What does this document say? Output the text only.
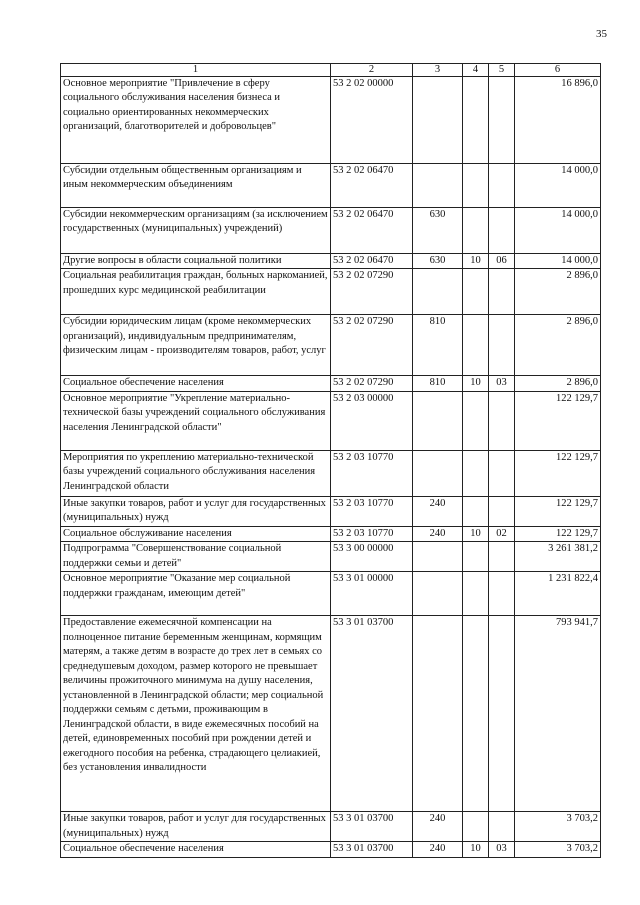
35
1	2	3	4	5	6
Основное мероприятие "Привлечение в сферу социального обслуживания населения бизнеса и социально ориентированных некоммерческих организаций, благотворителей и добровольцев"	53 2 02 00000				16 896,0
Субсидии отдельным общественным организациям и иным некоммерческим объединениям	53 2 02 06470				14 000,0
Субсидии некоммерческим организациям (за исключением государственных (муниципальных) учреждений)	53 2 02 06470	630			14 000,0
Другие вопросы в области социальной политики	53 2 02 06470	630	10	06	14 000,0
Социальная реабилитация граждан, больных наркоманией, прошедших курс медицинской реабилитации	53 2 02 07290				2 896,0
Субсидии юридическим лицам (кроме некоммерческих организаций), индивидуальным предпринимателям, физическим лицам - производителям товаров, работ, услуг	53 2 02 07290	810			2 896,0
Социальное обеспечение населения	53 2 02 07290	810	10	03	2 896,0
Основное мероприятие "Укрепление материально-технической базы учреждений социального обслуживания населения Ленинградской области"	53 2 03 00000				122 129,7
Мероприятия по укреплению материально-технической базы учреждений социального обслуживания населения Ленинградской области	53 2 03 10770				122 129,7
Иные закупки товаров, работ и услуг для государственных (муниципальных) нужд	53 2 03 10770	240			122 129,7
Социальное обслуживание населения	53 2 03 10770	240	10	02	122 129,7
Подпрограмма "Совершенствование социальной поддержки семьи и детей"	53 3 00 00000				3 261 381,2
Основное мероприятие "Оказание мер социальной поддержки гражданам, имеющим детей"	53 3 01 00000				1 231 822,4
Предоставление ежемесячной компенсации на полноценное питание беременным женщинам, кормящим матерям, а также детям в возрасте до трех лет в семьях со среднедушевым доходом, размер которого не превышает величины прожиточного минимума на душу населения, установленной в Ленинградской области; мер социальной поддержки семьям с детьми, проживающим в Ленинградской области, в виде ежемесячных пособий на детей, единовременных пособий при рождении детей и ежегодного пособия на ребенка, страдающего целиакией, без установления инвалидности	53 3 01 03700				793 941,7
Иные закупки товаров, работ и услуг для государственных (муниципальных) нужд	53 3 01 03700	240			3 703,2
Социальное обеспечение населения	53 3 01 03700	240	10	03	3 703,2
